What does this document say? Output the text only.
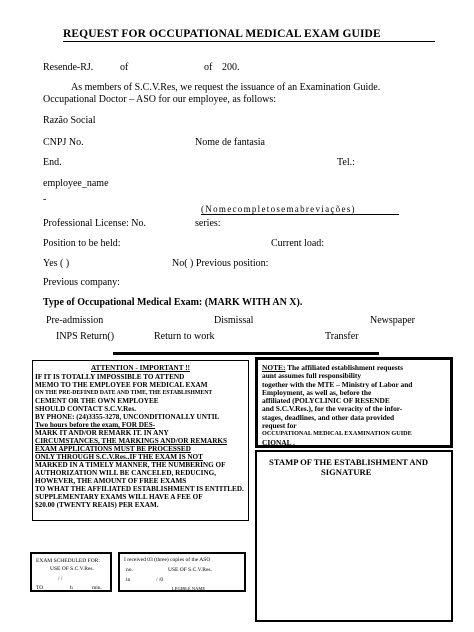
REQUEST FOR OCCUPATIONAL MEDICAL EXAM GUIDE
Resende-RJ.	of	of 200.
As members of S.C.V.Res, we request the issuance of an Examination Guide.
Occupational Doctor – ASO for our employee, as follows:
Razão Social
CNPJ No.	Nome de fantasia
End.	Tel.:
employee_name
-
(Nomecompletosemabreviações)
Professional License: No.	series:
Position to be held:	Current load:
Yes ( )	No( ) Previous position:
Previous company:
Type of Occupational Medical Exam: (MARK WITH AN X).
Pre-admission	Dismissal	Newspaper
INPS Return()	Return to work	Transfer
ATTENTION - IMPORTANT !!
IF IT IS TOTALLY IMPOSSIBLE TO ATTEND
MEMO TO THE EMPLOYEE FOR MEDICAL EXAM
ON THE PRE-DEFINED DATE AND TIME, THE ESTABLISHMENT
CEMENT OR THE OWN EMPLOYEE
SHOULD CONTACT S.C.V.Res.
BY PHONE: (24)3355-3278, UNCONDITIONALLY UNTIL
Two hours before the exam, FOR DES-
MARK IT AND/OR REMARK IT. IN ANY
CIRCUMSTANCES, THE MARKINGS AND/OR REMARKS
EXAM APPLICATIONS MUST BE PROCESSED
ONLY THROUGH S.C.V.Res..IF THE EXAM IS NOT
MARKED IN A TIMELY MANNER, THE NUMBERING OF
AUTHORIZATION WILL BE CANCELED, REDUCING,
HOWEVER, THE AMOUNT OF FREE EXAMS
TO WHAT THE AFFILIATED ESTABLISHMENT IS ENTITLED.
SUPPLEMENTARY EXAMS WILL HAVE A FEE OF
$20.00 (TWENTY REAIS) PER EXAM.
NOTE: The affiliated establishment requests
aunt assumes full responsibility
together with the MTE – Ministry of Labor and
Employment, as well as, before the
affiliated (POLYCLINIC OF RESENDE
and S.C.V.Res.), for the veracity of the infor-
stages, deadlines, and other data provided
request for
OCCUPATIONAL MEDICAL EXAMINATION GUIDE
CIONAL .
STAMP OF THE ESTABLISHMENT AND
SIGNATURE
EXAM SCHEDULED FOR:
USE OF S.C.V.Res.
/ /
TO	h	min.
I received 03 (three) copies of the ASO
no.	USE OF S.C.V.Res.
in	/ /0
LEGIBLE NAME
